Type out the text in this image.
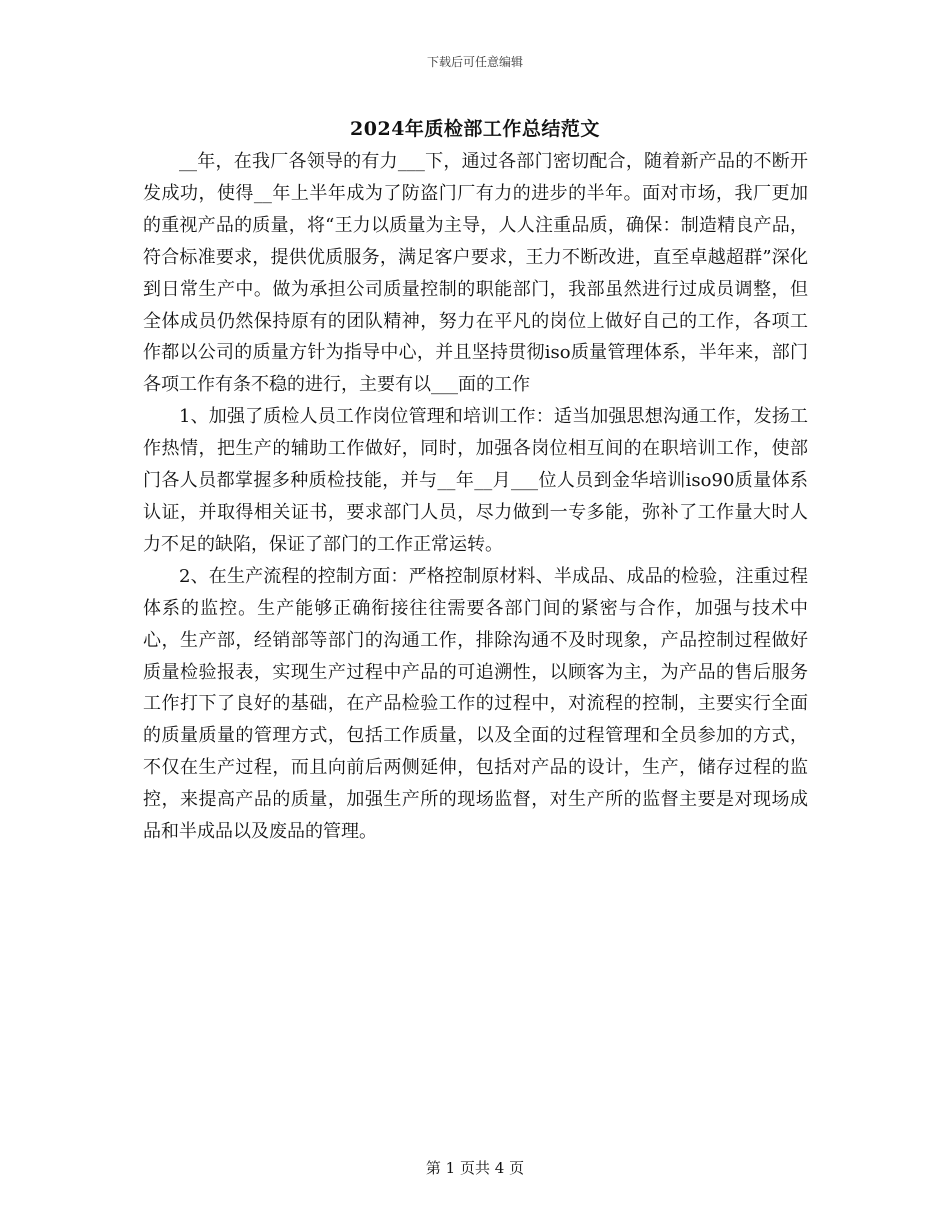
下载后可任意编辑
2024年质检部工作总结范文

__年，在我厂各领导的有力___下，通过各部门密切配合，随着新产品的不断开发成功，使得__年上半年成为了防盗门厂有力的进步的半年。面对市场，我厂更加的重视产品的质量，将“王力以质量为主导，人人注重品质，确保：制造精良产品，符合标准要求，提供优质服务，满足客户要求，王力不断改进，直至卓越超群”深化到日常生产中。做为承担公司质量控制的职能部门，我部虽然进行过成员调整，但全体成员仍然保持原有的团队精神，努力在平凡的岗位上做好自己的工作，各项工作都以公司的质量方针为指导中心，并且坚持贯彻iso质量管理体系，半年来，部门各项工作有条不稳的进行，主要有以___面的工作

1、加强了质检人员工作岗位管理和培训工作：适当加强思想沟通工作，发扬工作热情，把生产的辅助工作做好，同时，加强各岗位相互间的在职培训工作，使部门各人员都掌握多种质检技能，并与__年__月___位人员到金华培训iso90质量体系认证，并取得相关证书，要求部门人员，尽力做到一专多能，弥补了工作量大时人力不足的缺陷，保证了部门的工作正常运转。

2、在生产流程的控制方面：严格控制原材料、半成品、成品的检验，注重过程体系的监控。生产能够正确衔接往往需要各部门间的紧密与合作，加强与技术中心，生产部，经销部等部门的沟通工作，排除沟通不及时现象，产品控制过程做好质量检验报表，实现生产过程中产品的可追溯性，以顾客为主，为产品的售后服务工作打下了良好的基础，在产品检验工作的过程中，对流程的控制，主要实行全面的质量质量的管理方式，包括工作质量，以及全面的过程管理和全员参加的方式，不仅在生产过程，而且向前后两侧延伸，包括对产品的设计，生产，储存过程的监控，来提高产品的质量，加强生产所的现场监督，对生产所的监督主要是对现场成品和半成品以及废品的管理。

第 1 页共 4 页
